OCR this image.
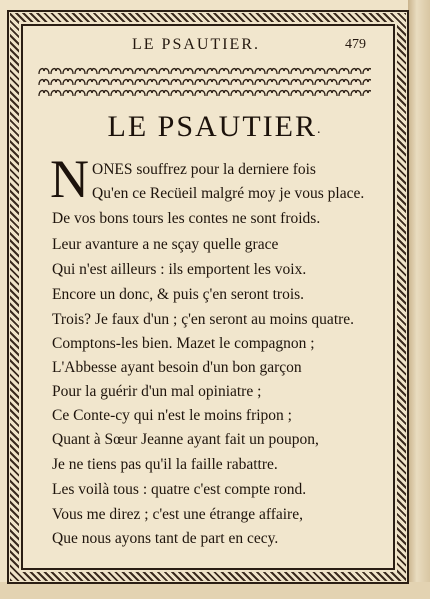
LE PSAUTIER.	479
LE PSAUTIER.
N ONES souffrez pour la derniere fois
Qu'en ce Recüeil malgré moy je vous place.
De vos bons tours les contes ne sont froids.
Leur avanture a ne sçay quelle grace
Qui n'est ailleurs : ils emportent les voix.
Encore un donc, & puis ç'en seront trois.
Trois? Je faux d'un ; ç'en seront au moins quatre.
Comptons-les bien. Mazet le compagnon ;
L'Abbesse ayant besoin d'un bon garçon
Pour la guérir d'un mal opiniatre ;
Ce Conte-cy qui n'est le moins fripon ;
Quant à Sœur Jeanne ayant fait un poupon,
Je ne tiens pas qu'il la faille rabattre.
Les voilà tous : quatre c'est compte rond.
Vous me direz ; c'est une étrange affaire,
Que nous ayons tant de part en cecy.
